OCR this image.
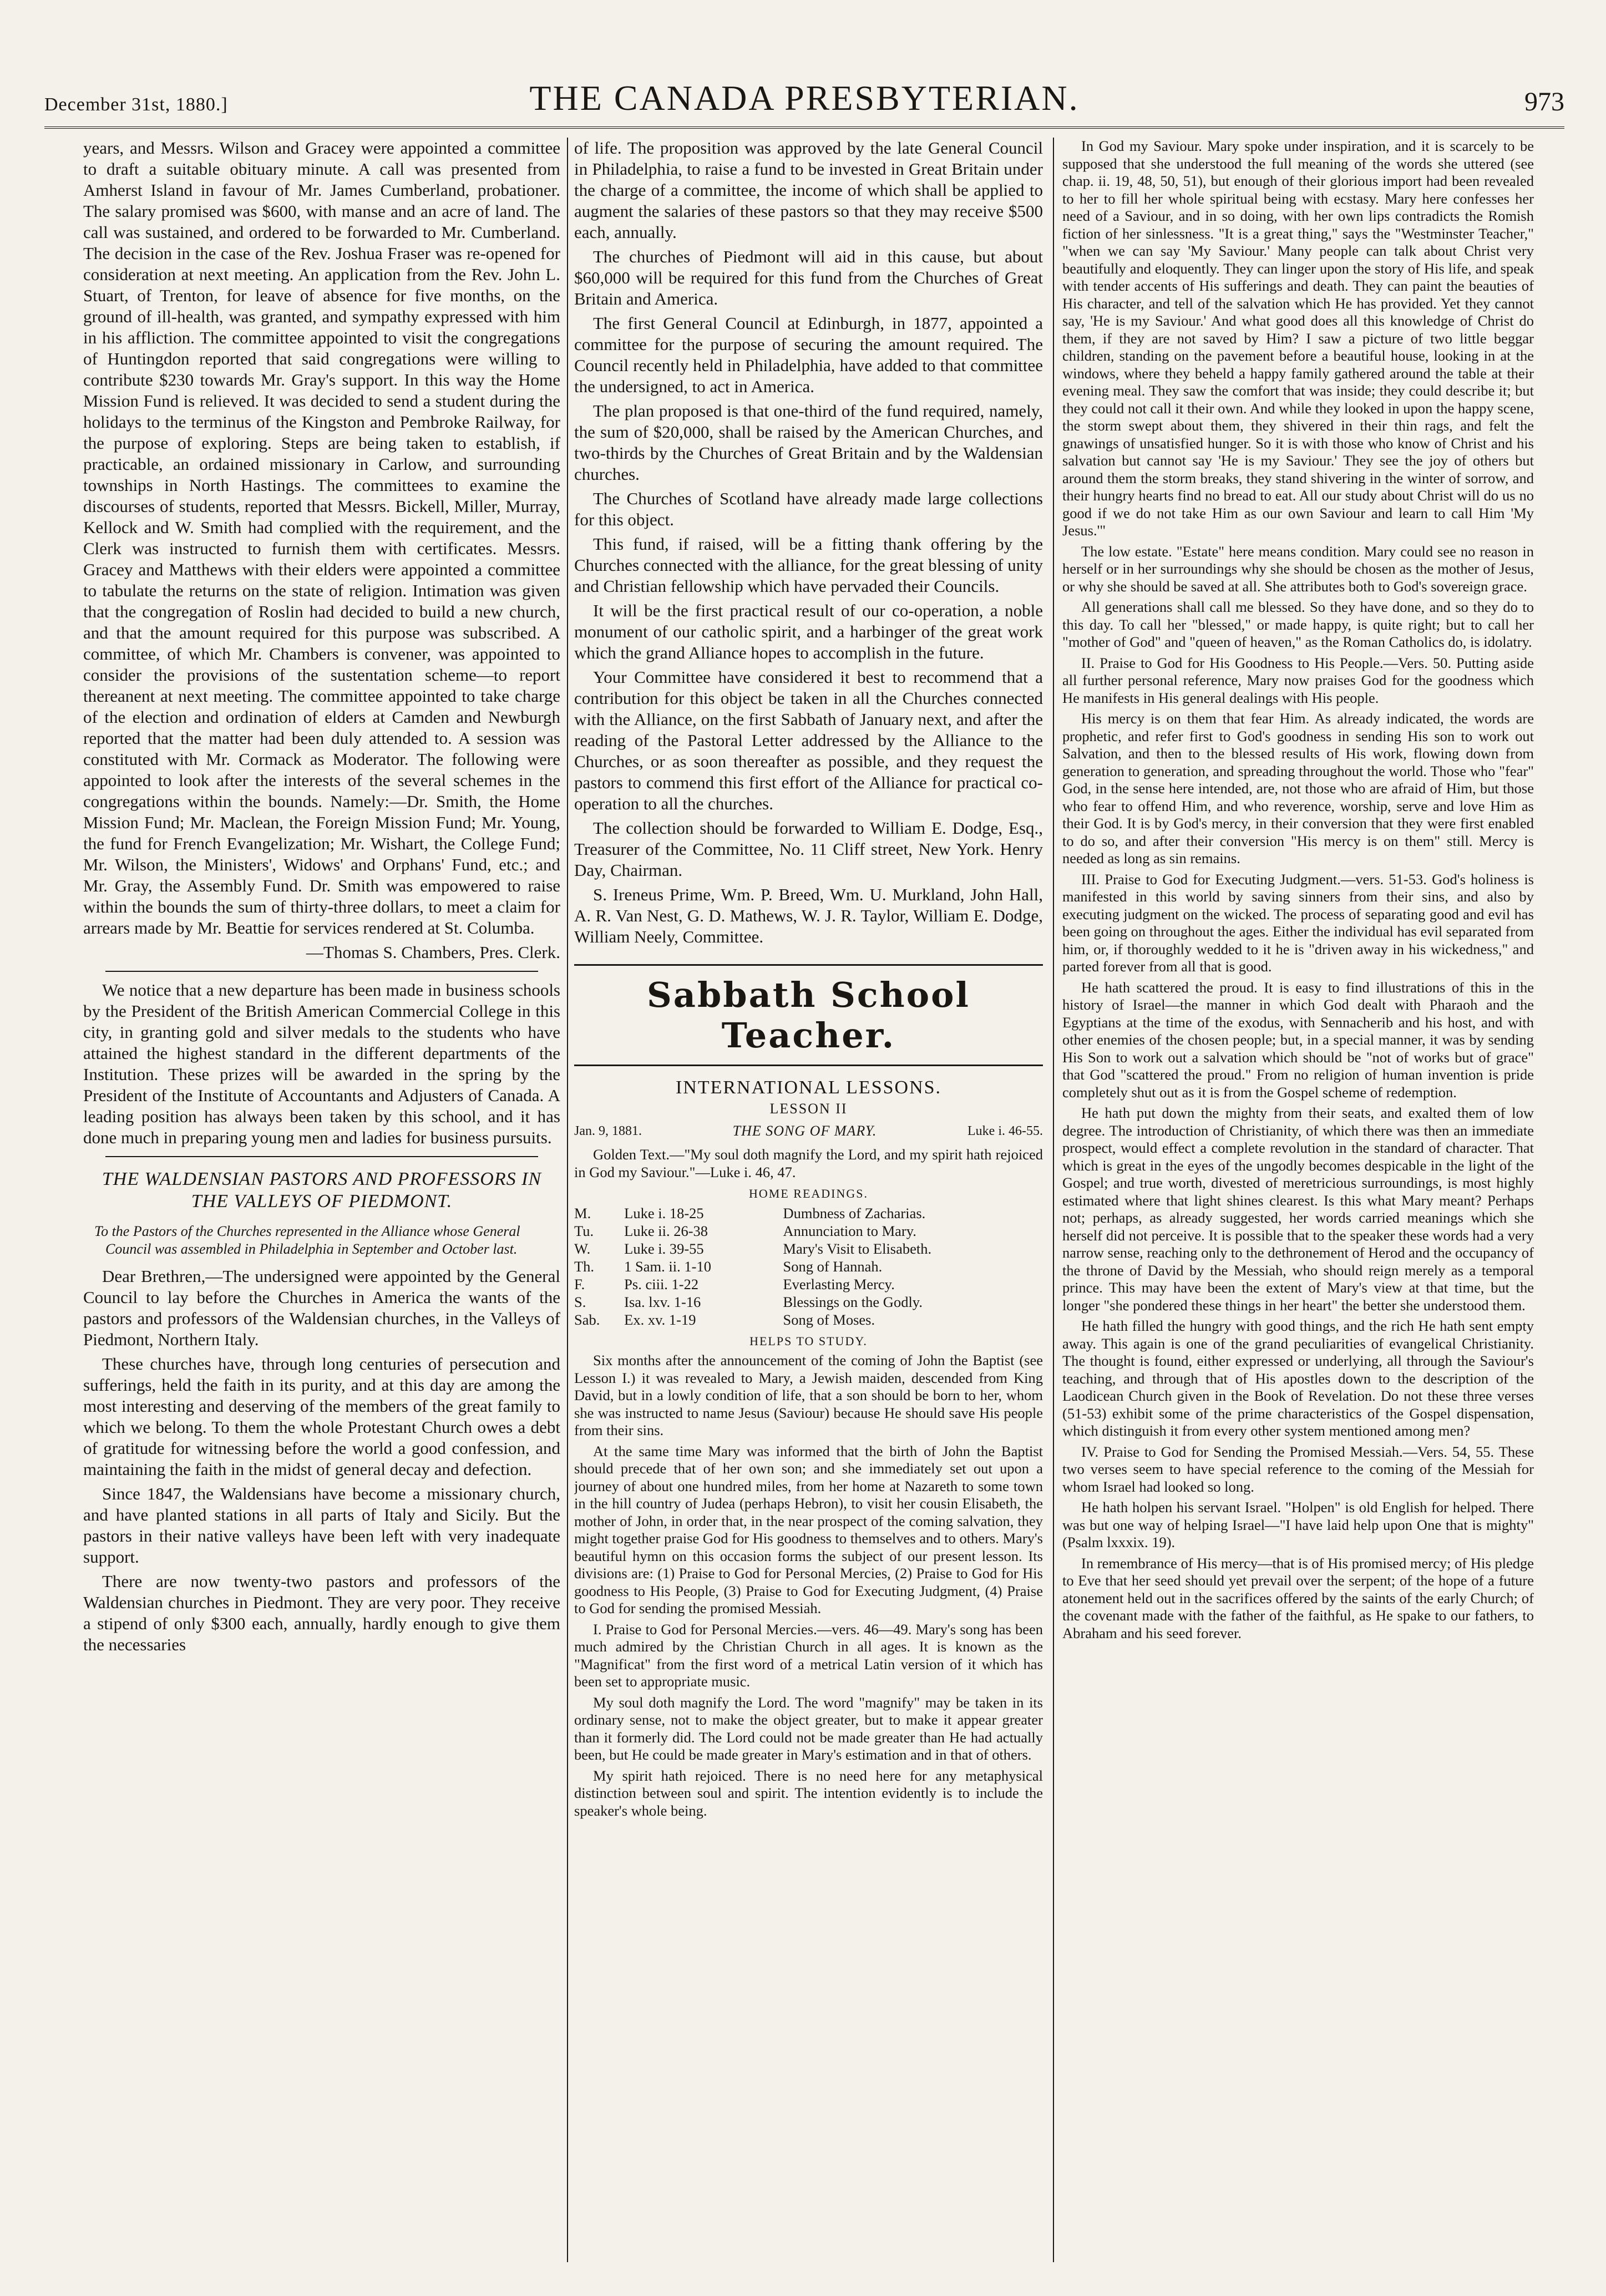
December 31st, 1880.]	THE CANADA PRESBYTERIAN.	973

years, and Messrs. Wilson and Gracey were appointed a committee to draft a suitable obituary minute. A call was presented from Amherst Island in favour of Mr. James Cumberland, probationer. The salary promised was $600, with manse and an acre of land. The call was sustained, and ordered to be forwarded to Mr. Cumberland. The decision in the case of the Rev. Joshua Fraser was re-opened for consideration at next meeting. An application from the Rev. John L. Stuart, of Trenton, for leave of absence for five months, on the ground of ill-health, was granted, and sympathy expressed with him in his affliction. The committee appointed to visit the congregations of Huntingdon reported that said congregations were willing to contribute $230 towards Mr. Gray's support. In this way the Home Mission Fund is relieved. It was decided to send a student during the holidays to the terminus of the Kingston and Pembroke Railway, for the purpose of exploring. Steps are being taken to establish, if practicable, an ordained missionary in Carlow, and surrounding townships in North Hastings. The committees to examine the discourses of students, reported that Messrs. Bickell, Miller, Murray, Kellock and W. Smith had complied with the requirement, and the Clerk was instructed to furnish them with certificates. Messrs. Gracey and Matthews with their elders were appointed a committee to tabulate the returns on the state of religion. Intimation was given that the congregation of Roslin had decided to build a new church, and that the amount required for this purpose was subscribed. A committee, of which Mr. Chambers is convener, was appointed to consider the provisions of the sustentation scheme—to report thereanent at next meeting. The committee appointed to take charge of the election and ordination of elders at Camden and Newburgh reported that the matter had been duly attended to. A session was constituted with Mr. Cormack as Moderator. The following were appointed to look after the interests of the several schemes in the congregations within the bounds. Namely:—Dr. Smith, the Home Mission Fund; Mr. Maclean, the Foreign Mission Fund; Mr. Young, the fund for French Evangelization; Mr. Wishart, the College Fund; Mr. Wilson, the Ministers', Widows' and Orphans' Fund, etc.; and Mr. Gray, the Assembly Fund. Dr. Smith was empowered to raise within the bounds the sum of thirty-three dollars, to meet a claim for arrears made by Mr. Beattie for services rendered at St. Columba.

—Thomas S. Chambers, Pres. Clerk.

We notice that a new departure has been made in business schools by the President of the British American Commercial College in this city, in granting gold and silver medals to the students who have attained the highest standard in the different departments of the Institution. These prizes will be awarded in the spring by the President of the Institute of Accountants and Adjusters of Canada. A leading position has always been taken by this school, and it has done much in preparing young men and ladies for business pursuits.

THE WALDENSIAN PASTORS AND PROFESSORS IN THE VALLEYS OF PIEDMONT.
To the Pastors of the Churches represented in the Alliance whose General Council was assembled in Philadelphia in September and October last.

Dear Brethren,—The undersigned were appointed by the General Council to lay before the Churches in America the wants of the pastors and professors of the Waldensian churches, in the Valleys of Piedmont, Northern Italy.

These churches have, through long centuries of persecution and sufferings, held the faith in its purity, and at this day are among the most interesting and deserving of the members of the great family to which we belong. To them the whole Protestant Church owes a debt of gratitude for witnessing before the world a good confession, and maintaining the faith in the midst of general decay and defection.

Since 1847, the Waldensians have become a missionary church, and have planted stations in all parts of Italy and Sicily. But the pastors in their native valleys have been left with very inadequate support.

There are now twenty-two pastors and professors of the Waldensian churches in Piedmont. They are very poor. They receive a stipend of only $300 each, annually, hardly enough to give them the necessaries

of life. The proposition was approved by the late General Council in Philadelphia, to raise a fund to be invested in Great Britain under the charge of a committee, the income of which shall be applied to augment the salaries of these pastors so that they may receive $500 each, annually.

The churches of Piedmont will aid in this cause, but about $60,000 will be required for this fund from the Churches of Great Britain and America.

The first General Council at Edinburgh, in 1877, appointed a committee for the purpose of securing the amount required. The Council recently held in Philadelphia, have added to that committee the undersigned, to act in America.

The plan proposed is that one-third of the fund required, namely, the sum of $20,000, shall be raised by the American Churches, and two-thirds by the Churches of Great Britain and by the Waldensian churches.

The Churches of Scotland have already made large collections for this object.

This fund, if raised, will be a fitting thank offering by the Churches connected with the alliance, for the great blessing of unity and Christian fellowship which have pervaded their Councils.

It will be the first practical result of our co-operation, a noble monument of our catholic spirit, and a harbinger of the great work which the grand Alliance hopes to accomplish in the future.

Your Committee have considered it best to recommend that a contribution for this object be taken in all the Churches connected with the Alliance, on the first Sabbath of January next, and after the reading of the Pastoral Letter addressed by the Alliance to the Churches, or as soon thereafter as possible, and they request the pastors to commend this first effort of the Alliance for practical co-operation to all the churches.

The collection should be forwarded to William E. Dodge, Esq., Treasurer of the Committee, No. 11 Cliff street, New York. Henry Day, Chairman.

S. Ireneus Prime, Wm. P. Breed, Wm. U. Murkland, John Hall, A. R. Van Nest, G. D. Mathews, W. J. R. Taylor, William E. Dodge, William Neely, Committee.

Sabbath School Teacher.
INTERNATIONAL LESSONS.
LESSON II
Jan. 9, 1881.	THE SONG OF MARY.	Luke i. 46-55.

Golden Text.—"My soul doth magnify the Lord, and my spirit hath rejoiced in God my Saviour."—Luke i. 46, 47.

HOME READINGS.
M.	Luke i. 18-25	Dumbness of Zacharias.
Tu.	Luke ii. 26-38	Annunciation to Mary.
W.	Luke i. 39-55	Mary's Visit to Elisabeth.
Th.	1 Sam. ii. 1-10	Song of Hannah.
F.	Ps. ciii. 1-22	Everlasting Mercy.
S.	Isa. lxv. 1-16	Blessings on the Godly.
Sab.	Ex. xv. 1-19	Song of Moses.
HELPS TO STUDY.

Six months after the announcement of the coming of John the Baptist (see Lesson I.) it was revealed to Mary, a Jewish maiden, descended from King David, but in a lowly condition of life, that a son should be born to her, whom she was instructed to name Jesus (Saviour) because He should save His people from their sins.

At the same time Mary was informed that the birth of John the Baptist should precede that of her own son; and she immediately set out upon a journey of about one hundred miles, from her home at Nazareth to some town in the hill country of Judea (perhaps Hebron), to visit her cousin Elisabeth, the mother of John, in order that, in the near prospect of the coming salvation, they might together praise God for His goodness to themselves and to others. Mary's beautiful hymn on this occasion forms the subject of our present lesson. Its divisions are: (1) Praise to God for Personal Mercies, (2) Praise to God for His goodness to His People, (3) Praise to God for Executing Judgment, (4) Praise to God for sending the promised Messiah.

I. Praise to God for Personal Mercies.—vers. 46—49. Mary's song has been much admired by the Christian Church in all ages. It is known as the "Magnificat" from the first word of a metrical Latin version of it which has been set to appropriate music.

My soul doth magnify the Lord. The word "magnify" may be taken in its ordinary sense, not to make the object greater, but to make it appear greater than it formerly did. The Lord could not be made greater than He had actually been, but He could be made greater in Mary's estimation and in that of others.

My spirit hath rejoiced. There is no need here for any metaphysical distinction between soul and spirit. The intention evidently is to include the speaker's whole being.

In God my Saviour. Mary spoke under inspiration, and it is scarcely to be supposed that she understood the full meaning of the words she uttered (see chap. ii. 19, 48, 50, 51), but enough of their glorious import had been revealed to her to fill her whole spiritual being with ecstasy. Mary here confesses her need of a Saviour, and in so doing, with her own lips contradicts the Romish fiction of her sinlessness. "It is a great thing," says the "Westminster Teacher," "when we can say 'My Saviour.' Many people can talk about Christ very beautifully and eloquently. They can linger upon the story of His life, and speak with tender accents of His sufferings and death. They can paint the beauties of His character, and tell of the salvation which He has provided. Yet they cannot say, 'He is my Saviour.' And what good does all this knowledge of Christ do them, if they are not saved by Him? I saw a picture of two little beggar children, standing on the pavement before a beautiful house, looking in at the windows, where they beheld a happy family gathered around the table at their evening meal. They saw the comfort that was inside; they could describe it; but they could not call it their own. And while they looked in upon the happy scene, the storm swept about them, they shivered in their thin rags, and felt the gnawings of unsatisfied hunger. So it is with those who know of Christ and his salvation but cannot say 'He is my Saviour.' They see the joy of others but around them the storm breaks, they stand shivering in the winter of sorrow, and their hungry hearts find no bread to eat. All our study about Christ will do us no good if we do not take Him as our own Saviour and learn to call Him 'My Jesus.'"

The low estate. "Estate" here means condition. Mary could see no reason in herself or in her surroundings why she should be chosen as the mother of Jesus, or why she should be saved at all. She attributes both to God's sovereign grace.

All generations shall call me blessed. So they have done, and so they do to this day. To call her "blessed," or made happy, is quite right; but to call her "mother of God" and "queen of heaven," as the Roman Catholics do, is idolatry.

II. Praise to God for His Goodness to His People.—Vers. 50. Putting aside all further personal reference, Mary now praises God for the goodness which He manifests in His general dealings with His people.

His mercy is on them that fear Him. As already indicated, the words are prophetic, and refer first to God's goodness in sending His son to work out Salvation, and then to the blessed results of His work, flowing down from generation to generation, and spreading throughout the world. Those who "fear" God, in the sense here intended, are, not those who are afraid of Him, but those who fear to offend Him, and who reverence, worship, serve and love Him as their God. It is by God's mercy, in their conversion that they were first enabled to do so, and after their conversion "His mercy is on them" still. Mercy is needed as long as sin remains.

III. Praise to God for Executing Judgment.—vers. 51-53. God's holiness is manifested in this world by saving sinners from their sins, and also by executing judgment on the wicked. The process of separating good and evil has been going on throughout the ages. Either the individual has evil separated from him, or, if thoroughly wedded to it he is "driven away in his wickedness," and parted forever from all that is good.

He hath scattered the proud. It is easy to find illustrations of this in the history of Israel—the manner in which God dealt with Pharaoh and the Egyptians at the time of the exodus, with Sennacherib and his host, and with other enemies of the chosen people; but, in a special manner, it was by sending His Son to work out a salvation which should be "not of works but of grace" that God "scattered the proud." From no religion of human invention is pride completely shut out as it is from the Gospel scheme of redemption.

He hath put down the mighty from their seats, and exalted them of low degree. The introduction of Christianity, of which there was then an immediate prospect, would effect a complete revolution in the standard of character. That which is great in the eyes of the ungodly becomes despicable in the light of the Gospel; and true worth, divested of meretricious surroundings, is most highly estimated where that light shines clearest. Is this what Mary meant? Perhaps not; perhaps, as already suggested, her words carried meanings which she herself did not perceive. It is possible that to the speaker these words had a very narrow sense, reaching only to the dethronement of Herod and the occupancy of the throne of David by the Messiah, who should reign merely as a temporal prince. This may have been the extent of Mary's view at that time, but the longer "she pondered these things in her heart" the better she understood them.

He hath filled the hungry with good things, and the rich He hath sent empty away. This again is one of the grand peculiarities of evangelical Christianity. The thought is found, either expressed or underlying, all through the Saviour's teaching, and through that of His apostles down to the description of the Laodicean Church given in the Book of Revelation. Do not these three verses (51-53) exhibit some of the prime characteristics of the Gospel dispensation, which distinguish it from every other system mentioned among men?

IV. Praise to God for Sending the Promised Messiah.—Vers. 54, 55. These two verses seem to have special reference to the coming of the Messiah for whom Israel had looked so long.

He hath holpen his servant Israel. "Holpen" is old English for helped. There was but one way of helping Israel—"I have laid help upon One that is mighty" (Psalm lxxxix. 19).

In remembrance of His mercy—that is of His promised mercy; of His pledge to Eve that her seed should yet prevail over the serpent; of the hope of a future atonement held out in the sacrifices offered by the saints of the early Church; of the covenant made with the father of the faithful, as He spake to our fathers, to Abraham and his seed forever.
